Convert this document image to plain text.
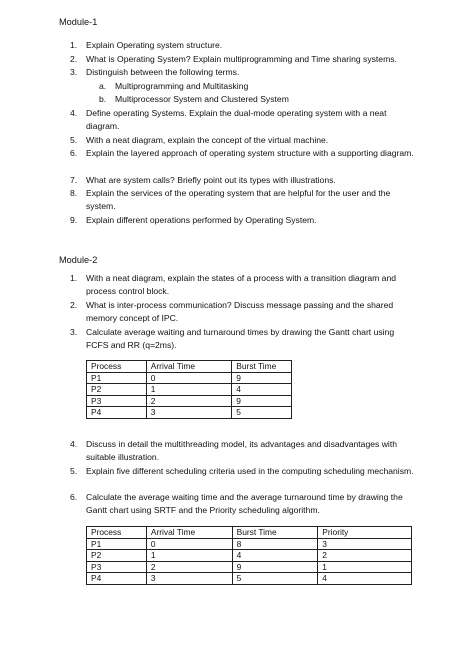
Module-1
1.	Explain Operating system structure.
2.	What is Operating System? Explain multiprogramming and Time sharing systems.
3.	Distinguish between the following terms.
a. Multiprogramming and Multitasking
b. Multiprocessor System and Clustered System
4.	Define operating Systems. Explain the dual-mode operating system with a neat diagram.
5.	With a neat diagram, explain the concept of the virtual machine.
6.	Explain the layered approach of operating system structure with a supporting diagram.
7.	What are system calls? Briefly point out its types with illustrations.
8.	Explain the services of the operating system that are helpful for the user and the system.
9.	Explain different operations performed by Operating System.
Module-2
1.	With a neat diagram, explain the states of a process with a transition diagram and process control block.
2.	What is inter-process communication? Discuss message passing and the shared memory concept of IPC.
3.	Calculate average waiting and turnaround times by drawing the Gantt chart using FCFS and RR (q=2ms).
Process	Arrival Time	Burst Time
P1	0	9
P2	1	4
P3	2	9
P4	3	5
4.	Discuss in detail the multithreading model, its advantages and disadvantages with suitable illustration.
5.	Explain five different scheduling criteria used in the computing scheduling mechanism.
6.	Calculate the average waiting time and the average turnaround time by drawing the Gantt chart using SRTF and the Priority scheduling algorithm.
Process	Arrival Time	Burst Time	Priority
P1	0	8	3
P2	1	4	2
P3	2	9	1
P4	3	5	4
